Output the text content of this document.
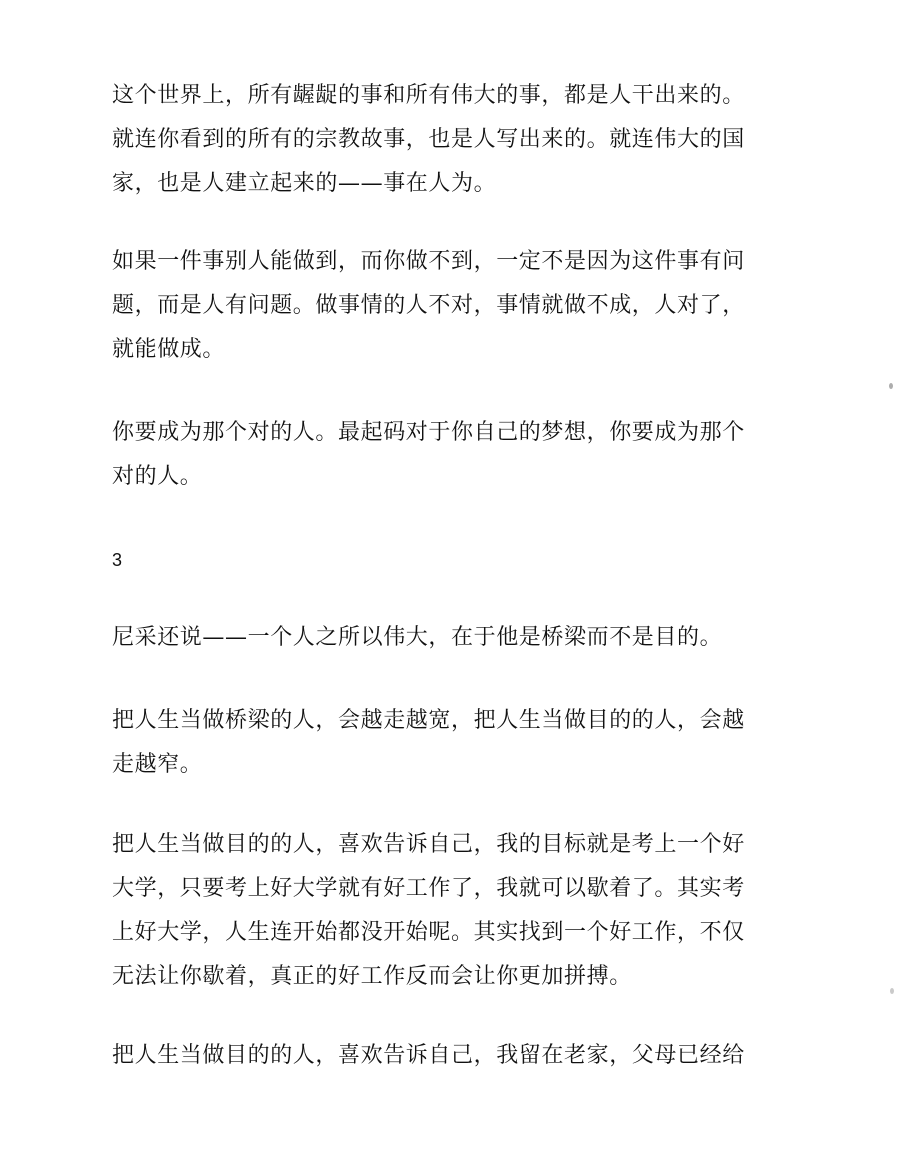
这个世界上，所有龌龊的事和所有伟大的事，都是人干出来的。
就连你看到的所有的宗教故事，也是人写出来的。就连伟大的国
家，也是人建立起来的——事在人为。

如果一件事别人能做到，而你做不到，一定不是因为这件事有问
题，而是人有问题。做事情的人不对，事情就做不成，人对了，
就能做成。

你要成为那个对的人。最起码对于你自己的梦想，你要成为那个
对的人。

3

尼采还说——一个人之所以伟大，在于他是桥梁而不是目的。

把人生当做桥梁的人，会越走越宽，把人生当做目的的人，会越
走越窄。

把人生当做目的的人，喜欢告诉自己，我的目标就是考上一个好
大学，只要考上好大学就有好工作了，我就可以歇着了。其实考
上好大学，人生连开始都没开始呢。其实找到一个好工作，不仅
无法让你歇着，真正的好工作反而会让你更加拼搏。

把人生当做目的的人，喜欢告诉自己，我留在老家，父母已经给
